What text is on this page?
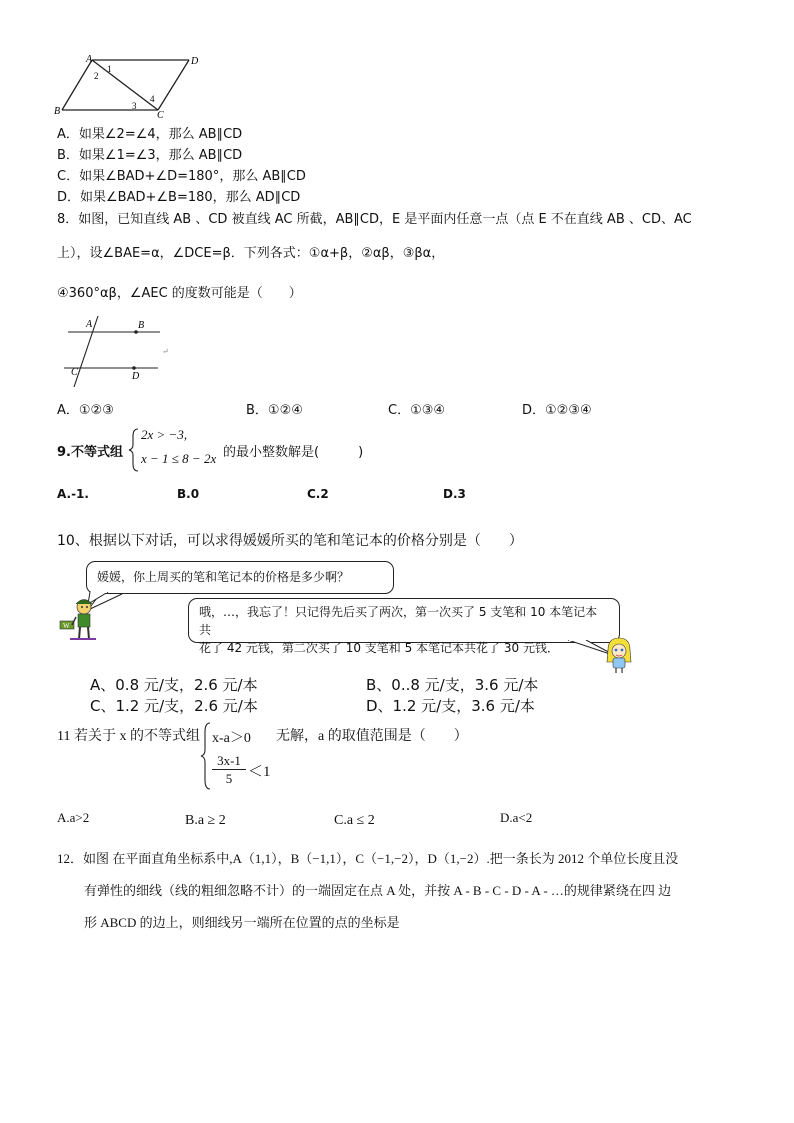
A	D
B	C
1
2
3
4
A．如果∠2=∠4，那么 AB∥CD
B．如果∠1=∠3，那么 AB∥CD
C．如果∠BAD+∠D=180°，那么 AB∥CD
D．如果∠BAD+∠B=180，那么 AD∥CD
8．如图，已知直线 AB 、CD 被直线 AC 所截，AB∥CD，E 是平面内任意一点（点 E 不在直线 AB 、CD、AC
上），设∠BAE=α，∠DCE=β．下列各式：①α+β，②αβ，③βα，
④360°αβ，∠AEC 的度数可能是（　　）
A	B
C	D
↵
A．①②③	B．①②④	C．①③④	D．①②③④
9.不等式组
2x > −3,
x − 1 ≤ 8 − 2x 的最小整数解是(　　　)
A.-1.	B.0	C.2	D.3
10、根据以下对话，可以求得媛媛所买的笔和笔记本的价格分别是（　　）
媛媛，你上周买的笔和笔记本的价格是多少啊？
W
哦，…，我忘了！只记得先后买了两次，第一次买了 5 支笔和 10 本笔记本共
花了 42 元钱，第二次买了 10 支笔和 5 本笔记本共花了 30 元钱．
A、0.8 元/支，2.6 元/本	B、0..8 元/支，3.6 元/本
C、1.2 元/支，2.6 元/本	D、1.2 元/支，3.6 元/本
11 若关于 x 的不等式组 x-a＞0
3x-1
5	＜1
无解，a 的取值范围是（　　）
A.a>2	B.a ≥ 2	C.a ≤ 2	D.a<2
12．如图 在平面直角坐标系中,A（1,1），B（−1,1），C（−1,−2），D（1,−2）.把一条长为 2012 个单位长度且没
有弹性的细线（线的粗细忽略不计）的一端固定在点 A 处，并按 A - B - C - D - A - …的规律紧绕在四 边
形 ABCD 的边上，则细线另一端所在位置的点的坐标是
